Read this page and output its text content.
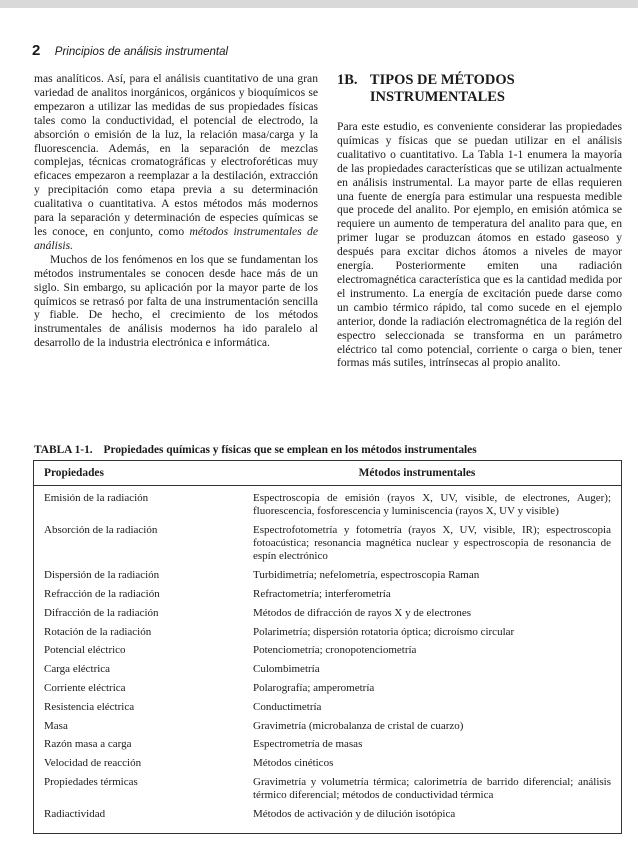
2 Principios de análisis instrumental

mas analíticos. Así, para el análisis cuantitativo de una gran variedad de analitos inorgánicos, orgánicos y bioquímicos se empezaron a utilizar las medidas de sus propiedades físicas tales como la conductividad, el potencial de electrodo, la absorción o emisión de la luz, la relación masa/carga y la fluorescencia. Además, en la separación de mezclas complejas, técnicas cromatográficas y electroforéticas muy eficaces empezaron a reemplazar a la destilación, extracción y precipitación como etapa previa a su determinación cualitativa o cuantitativa. A estos métodos más modernos para la separación y determinación de especies químicas se les conoce, en conjunto, como métodos instrumentales de análisis.

Muchos de los fenómenos en los que se fundamentan los métodos instrumentales se conocen desde hace más de un siglo. Sin embargo, su aplicación por la mayor parte de los químicos se retrasó por falta de una instrumentación sencilla y fiable. De hecho, el crecimiento de los métodos instrumentales de análisis modernos ha ido paralelo al desarrollo de la industria electrónica e informática.

1B. TIPOS DE MÉTODOS INSTRUMENTALES

Para este estudio, es conveniente considerar las propiedades químicas y físicas que se puedan utilizar en el análisis cualitativo o cuantitativo. La Tabla 1-1 enumera la mayoría de las propiedades características que se utilizan actualmente en análisis instrumental. La mayor parte de ellas requieren una fuente de energía para estimular una respuesta medible que procede del analito. Por ejemplo, en emisión atómica se requiere un aumento de temperatura del analito para que, en primer lugar se produzcan átomos en estado gaseoso y después para excitar dichos átomos a niveles de mayor energía. Posteriormente emiten una radiación electromagnética característica que es la cantidad medida por el instrumento. La energía de excitación puede darse como un cambio térmico rápido, tal como sucede en el ejemplo anterior, donde la radiación electromagnética de la región del espectro seleccionada se transforma en un parámetro eléctrico tal como potencial, corriente o carga o bien, tener formas más sutiles, intrínsecas al propio analito.

TABLA 1-1. Propiedades químicas y físicas que se emplean en los métodos instrumentales
Propiedades	Métodos instrumentales
Emisión de la radiación	Espectroscopia de emisión (rayos X, UV, visible, de electrones, Auger); fluorescencia, fosforescencia y luminiscencia (rayos X, UV y visible)
Absorción de la radiación	Espectrofotometría y fotometría (rayos X, UV, visible, IR); espectroscopia fotoacústica; resonancia magnética nuclear y espectroscopia de resonancia de espín electrónico
Dispersión de la radiación	Turbidimetría; nefelometría, espectroscopia Raman
Refracción de la radiación	Refractometría; interferometría
Difracción de la radiación	Métodos de difracción de rayos X y de electrones
Rotación de la radiación	Polarimetría; dispersión rotatoria óptica; dicroísmo circular
Potencial eléctrico	Potenciometría; cronopotenciometría
Carga eléctrica	Culombimetría
Corriente eléctrica	Polarografía; amperometría
Resistencia eléctrica	Conductimetría
Masa	Gravimetría (microbalanza de cristal de cuarzo)
Razón masa a carga	Espectrometría de masas
Velocidad de reacción	Métodos cinéticos
Propiedades térmicas	Gravimetría y volumetría térmica; calorimetría de barrido diferencial; análisis térmico diferencial; métodos de conductividad térmica
Radiactividad	Métodos de activación y de dilución isotópica
